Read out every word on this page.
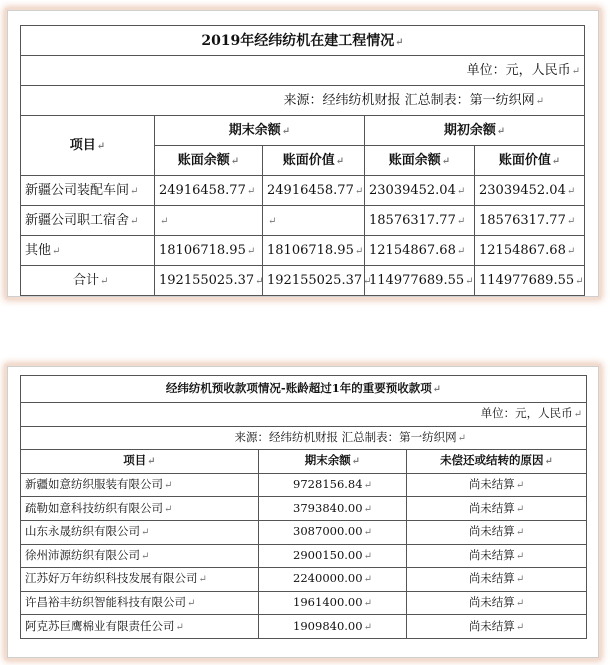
2019年经纬纺机在建工程情况↵				
单位：元，人民币↵				
来源：经纬纺机财报 汇总制表：第一纺织网↵				
项目↵	期末余额↵		期初余额↵	
	账面余额↵	账面价值↵	账面余额↵	账面价值↵
新疆公司装配车间↵	24916458.77↵	24916458.77↵	23039452.04↵	23039452.04↵
新疆公司职工宿舍↵	↵	↵	18576317.77↵	18576317.77↵
其他↵	18106718.95↵	18106718.95↵	12154867.68↵	12154867.68↵
合计↵	192155025.37↵	192155025.37↵	114977689.55↵	114977689.55↵
经纬纺机预收款项情况-账龄超过1年的重要预收款项↵		
单位：元，人民币↵		
来源：经纬纺机财报 汇总制表：第一纺织网↵		
项目↵	期末余额↵	未偿还或结转的原因↵
新疆如意纺织服装有限公司↵	9728156.84↵	尚未结算↵
疏勒如意科技纺织有限公司↵	3793840.00↵	尚未结算↵
山东永晟纺织有限公司↵	3087000.00↵	尚未结算↵
徐州沛源纺织有限公司↵	2900150.00↵	尚未结算↵
江苏好万年纺织科技发展有限公司↵	2240000.00↵	尚未结算↵
许昌裕丰纺织智能科技有限公司↵	1961400.00↵	尚未结算↵
阿克苏巨鹰棉业有限责任公司↵	1909840.00↵	尚未结算↵
